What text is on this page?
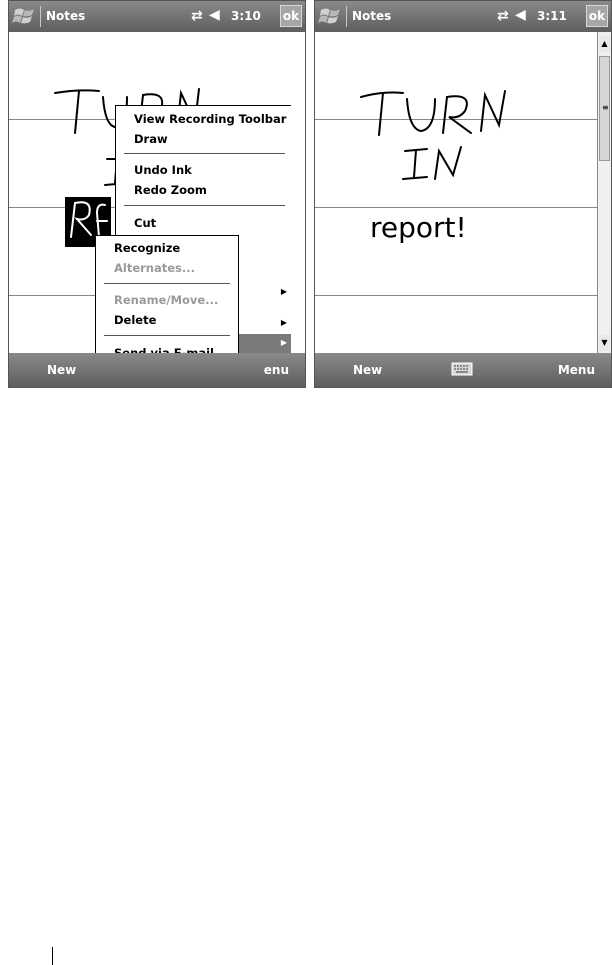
Notes	⇄ ◀ 3:10 ok
View Recording Toolbar
Draw
Undo Ink
Redo Zoom
Cut
▶
▶
▶
Recognize
Alternates...
Rename/Move...
Delete
New	enu
Notes	⇄ ◀ 3:11 ok
report!
▲
≡
▼
New	Menu
